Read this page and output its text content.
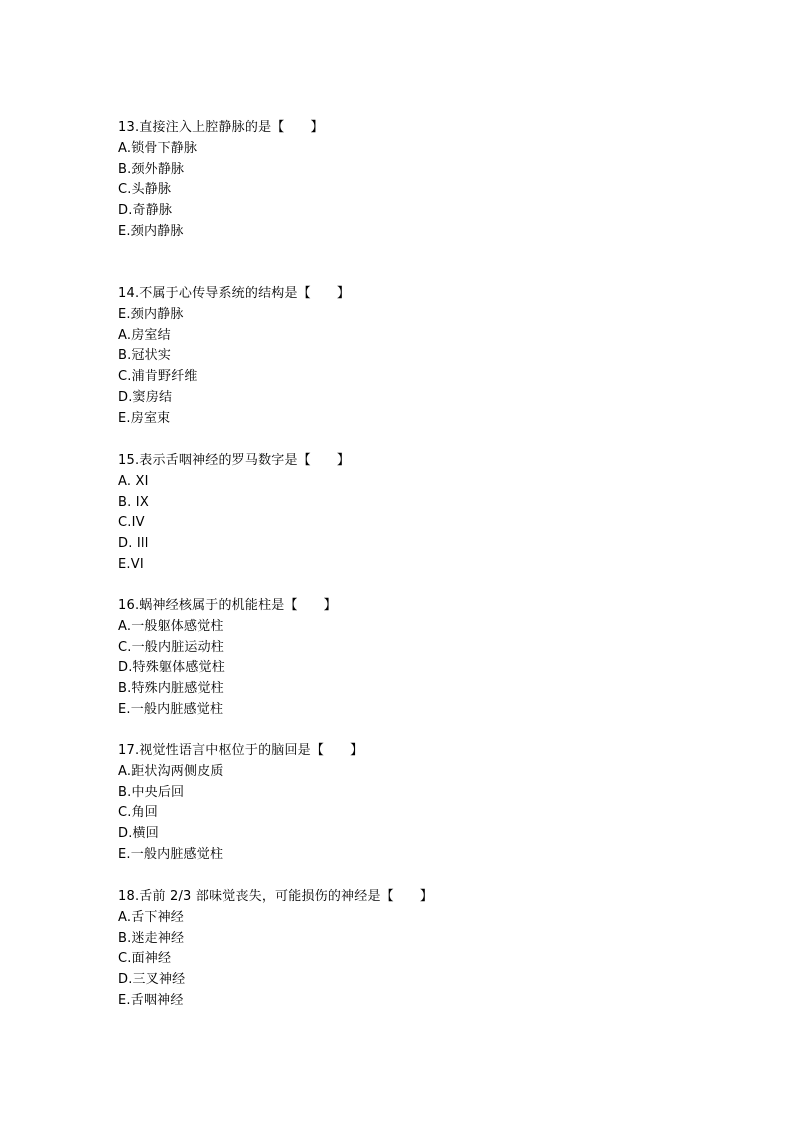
13.直接注入上腔静脉的是【      】
A.锁骨下静脉
B.颈外静脉
C.头静脉
D.奇静脉
E.颈内静脉
14.不属于心传导系统的结构是【      】
E.颈内静脉
A.房室结
B.冠状实
C.浦肯野纤维
D.窦房结
E.房室束
15.表示舌咽神经的罗马数字是【      】
A. XI
B. IX
C.IV
D. Ill
E.VI
16.蜗神经核属于的机能柱是【      】
A.一般躯体感觉柱
C.一般内脏运动柱
D.特殊躯体感觉柱
B.特殊内脏感觉柱
E.一般内脏感觉柱
17.视觉性语言中枢位于的脑回是【      】
A.距状沟两侧皮质
B.中央后回
C.角回
D.横回
E.一般内脏感觉柱
18.舌前 2/3 部味觉丧失，可能损伤的神经是【      】
A.舌下神经
B.迷走神经
C.面神经
D.三叉神经
E.舌咽神经
